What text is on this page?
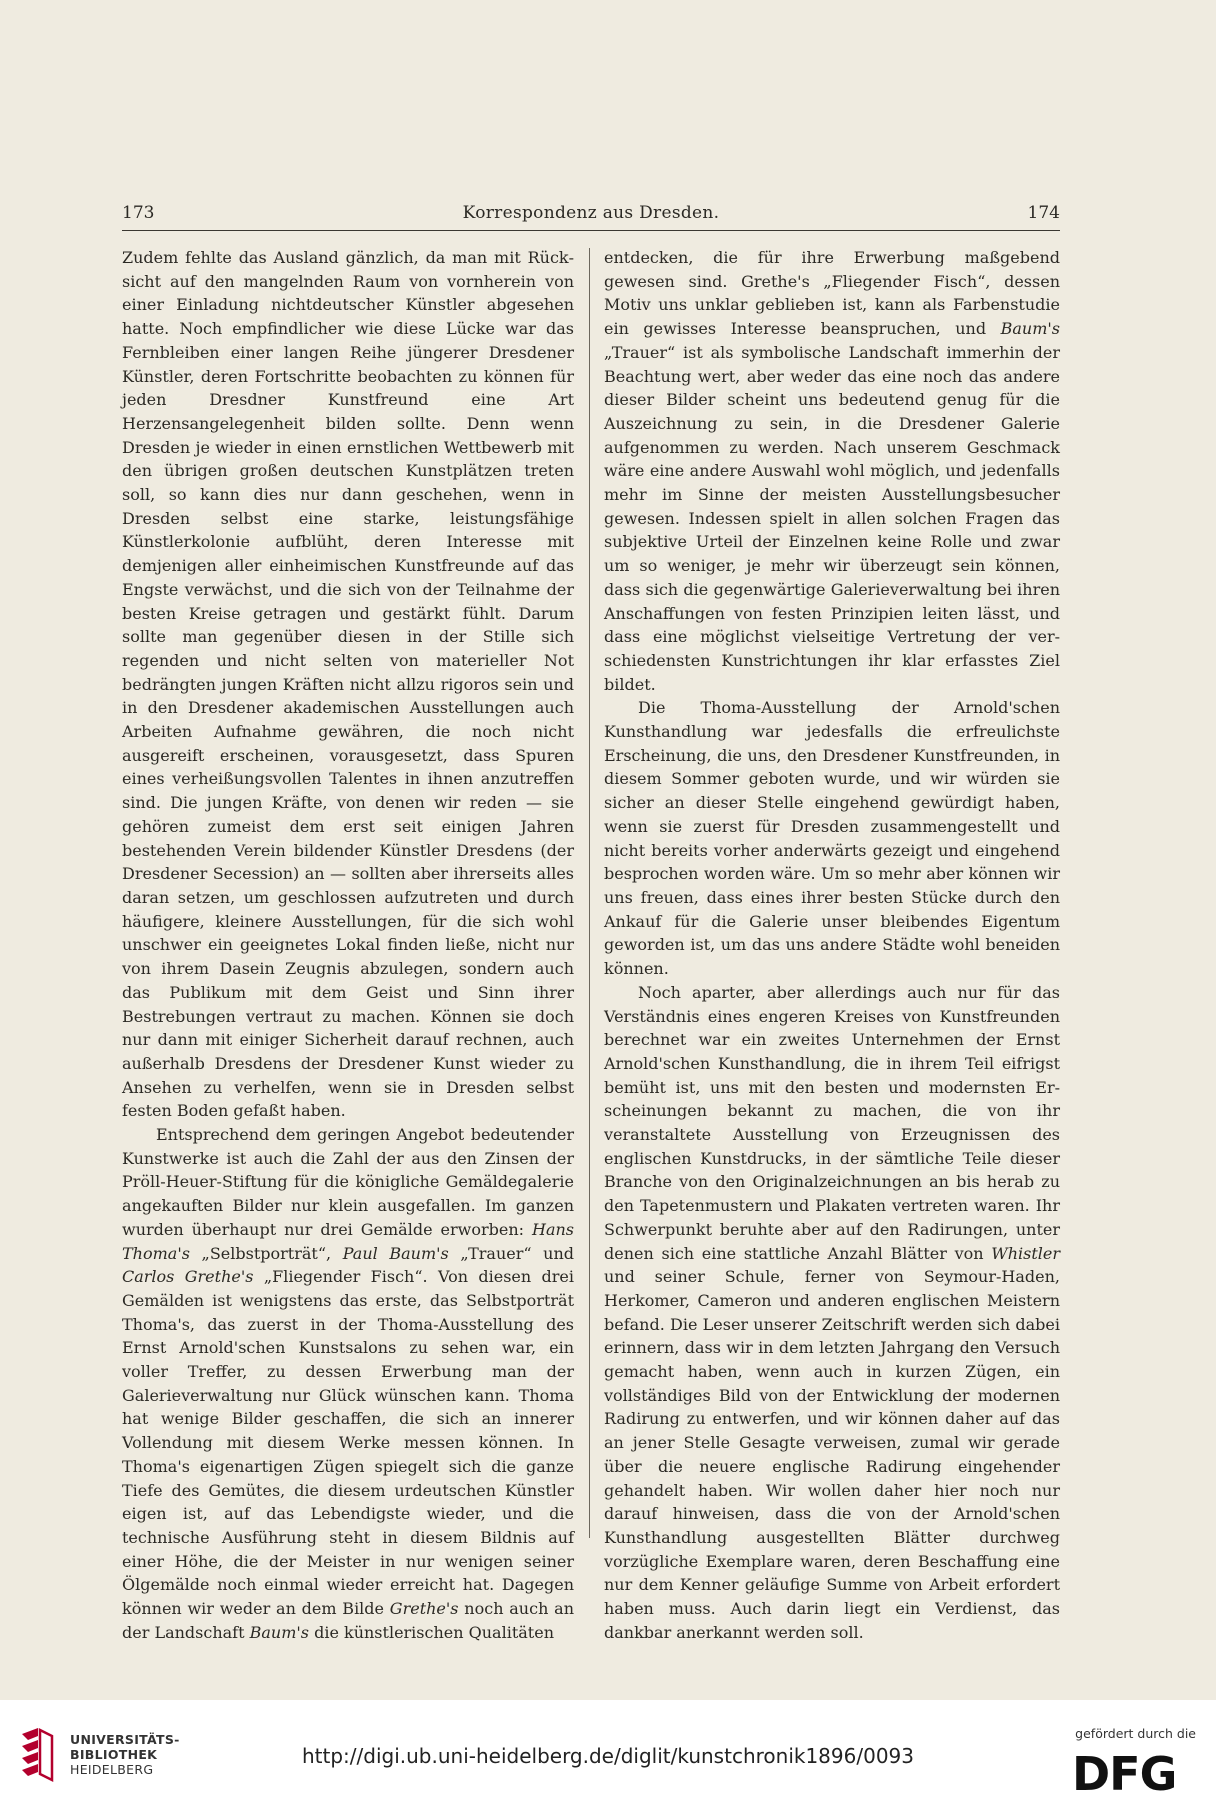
173	Korrespondenz aus Dresden.	174

Zudem fehlte das Ausland gänzlich, da man mit Rücksicht auf den mangelnden Raum von vornherein von einer Einladung nichtdeutscher Künstler abgesehen hatte. Noch empfindlicher wie diese Lücke war das Fernbleiben einer langen Reihe jüngerer Dresdener Künstler, deren Fortschritte beobachten zu können für jeden Dresdner Kunstfreund eine Art Herzensangelegenheit bilden sollte. Denn wenn Dresden je wieder in einen ernstlichen Wettbewerb mit den übrigen großen deutschen Kunstplätzen treten soll, so kann dies nur dann geschehen, wenn in Dresden selbst eine starke, leistungsfähige Künstlerkolonie aufblüht, deren Interesse mit demjenigen aller einheimischen Kunstfreunde auf das Engste verwächst, und die sich von der Teilnahme der besten Kreise getragen und gestärkt fühlt. Darum sollte man gegenüber diesen in der Stille sich regenden und nicht selten von materieller Not bedrängten jungen Kräften nicht allzu rigoros sein und in den Dresdener akademischen Ausstellungen auch Arbeiten Aufnahme gewähren, die noch nicht ausgereift erscheinen, vorausgesetzt, dass Spuren eines verheißungsvollen Talentes in ihnen anzutreffen sind. Die jungen Kräfte, von denen wir reden — sie gehören zumeist dem erst seit einigen Jahren bestehenden Verein bildender Künstler Dresdens (der Dresdener Secession) an — sollten aber ihrerseits alles daran setzen, um geschlossen aufzutreten und durch häufigere, kleinere Ausstellungen, für die sich wohl unschwer ein geeignetes Lokal finden ließe, nicht nur von ihrem Dasein Zeugnis abzulegen, sondern auch das Publikum mit dem Geist und Sinn ihrer Bestrebungen vertraut zu machen. Können sie doch nur dann mit einiger Sicherheit darauf rechnen, auch außerhalb Dresdens der Dresdener Kunst wieder zu Ansehen zu verhelfen, wenn sie in Dresden selbst festen Boden gefaßt haben.

Entsprechend dem geringen Angebot bedeutender Kunstwerke ist auch die Zahl der aus den Zinsen der Pröll-Heuer-Stiftung für die königliche Gemäldegalerie angekauften Bilder nur klein ausgefallen. Im ganzen wurden überhaupt nur drei Gemälde erworben: Hans Thoma's „Selbstporträt“, Paul Baum's „Trauer“ und Carlos Grethe's „Fliegender Fisch“. Von diesen drei Gemälden ist wenigstens das erste, das Selbstporträt Thoma's, das zuerst in der Thoma-Ausstellung des Ernst Arnold'schen Kunstsalons zu sehen war, ein voller Treffer, zu dessen Erwerbung man der Galerieverwaltung nur Glück wünschen kann. Thoma hat wenige Bilder geschaffen, die sich an innerer Vollendung mit diesem Werke messen können. In Thoma's eigenartigen Zügen spiegelt sich die ganze Tiefe des Gemütes, die diesem urdeutschen Künstler eigen ist, auf das Lebendigste wieder, und die technische Ausführung steht in diesem Bildnis auf einer Höhe, die der Meister in nur wenigen seiner Ölgemälde noch einmal wieder erreicht hat. Dagegen können wir weder an dem Bilde Grethe's noch auch an der Landschaft Baum's die künstlerischen Qualitäten

entdecken, die für ihre Erwerbung maßgebend gewesen sind. Grethe's „Fliegender Fisch“, dessen Motiv uns unklar geblieben ist, kann als Farbenstudie ein gewisses Interesse beanspruchen, und Baum's „Trauer“ ist als symbolische Landschaft immerhin der Beachtung wert, aber weder das eine noch das andere dieser Bilder scheint uns bedeutend genug für die Auszeichnung zu sein, in die Dresdener Galerie aufgenommen zu werden. Nach unserem Geschmack wäre eine andere Auswahl wohl möglich, und jedenfalls mehr im Sinne der meisten Ausstellungsbesucher gewesen. Indessen spielt in allen solchen Fragen das subjektive Urteil der Einzelnen keine Rolle und zwar um so weniger, je mehr wir überzeugt sein können, dass sich die gegenwärtige Galerieverwaltung bei ihren Anschaffungen von festen Prinzipien leiten lässt, und dass eine möglichst vielseitige Vertretung der verschiedensten Kunstrichtungen ihr klar erfasstes Ziel bildet.

Die Thoma-Ausstellung der Arnold'schen Kunsthandlung war jedesfalls die erfreulichste Erscheinung, die uns, den Dresdener Kunstfreunden, in diesem Sommer geboten wurde, und wir würden sie sicher an dieser Stelle eingehend gewürdigt haben, wenn sie zuerst für Dresden zusammengestellt und nicht bereits vorher anderwärts gezeigt und eingehend besprochen worden wäre. Um so mehr aber können wir uns freuen, dass eines ihrer besten Stücke durch den Ankauf für die Galerie unser bleibendes Eigentum geworden ist, um das uns andere Städte wohl beneiden können.

Noch aparter, aber allerdings auch nur für das Verständnis eines engeren Kreises von Kunstfreunden berechnet war ein zweites Unternehmen der Ernst Arnold'schen Kunsthandlung, die in ihrem Teil eifrigst bemüht ist, uns mit den besten und modernsten Erscheinungen bekannt zu machen, die von ihr veranstaltete Ausstellung von Erzeugnissen des englischen Kunstdrucks, in der sämtliche Teile dieser Branche von den Originalzeichnungen an bis herab zu den Tapetenmustern und Plakaten vertreten waren. Ihr Schwerpunkt beruhte aber auf den Radirungen, unter denen sich eine stattliche Anzahl Blätter von Whistler und seiner Schule, ferner von Seymour-Haden, Herkomer, Cameron und anderen englischen Meistern befand. Die Leser unserer Zeitschrift werden sich dabei erinnern, dass wir in dem letzten Jahrgang den Versuch gemacht haben, wenn auch in kurzen Zügen, ein vollständiges Bild von der Entwicklung der modernen Radirung zu entwerfen, und wir können daher auf das an jener Stelle Gesagte verweisen, zumal wir gerade über die neuere englische Radirung eingehender gehandelt haben. Wir wollen daher hier noch nur darauf hinweisen, dass die von der Arnold'schen Kunsthandlung ausgestellten Blätter durchweg vorzügliche Exemplare waren, deren Beschaffung eine nur dem Kenner geläufige Summe von Arbeit erfordert haben muss. Auch darin liegt ein Verdienst, das dankbar anerkannt werden soll.

UNIVERSITÄTS-
BIBLIOTHEK
HEIDELBERG
http://digi.ub.uni-heidelberg.de/diglit/kunstchronik1896/0093
gefördert durch die
DFG
